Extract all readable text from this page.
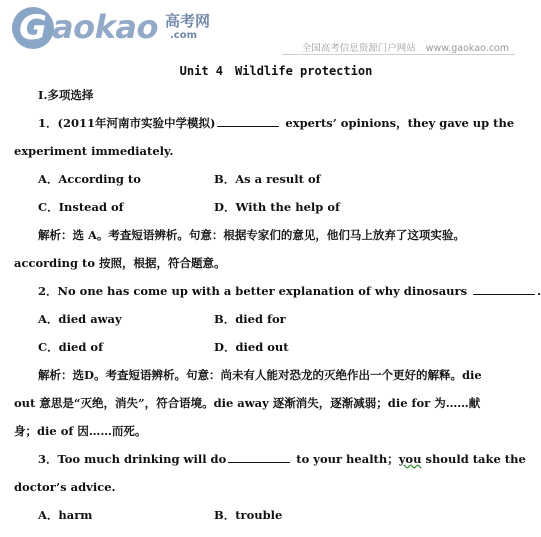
G aokao 高考网
.com
全国高考信息资源门户网站 www.gaokao.com
Unit 4 Wildlife protection
Ⅰ.多项选择
1．(2011年河南市实验中学模拟)	experts’ opinions，they gave up the
experiment immediately.
A．According to	B．As a result of
C．Instead of	D．With the help of
解析：选 A。考查短语辨析。句意：根据专家们的意见，他们马上放弃了这项实验。
according to 按照，根据，符合题意。
2．No one has come up with a better explanation of why dinosaurs	.
A．died away	B．died for
C．died of	D．died out
解析：选D。考查短语辨析。句意：尚未有人能对恐龙的灭绝作出一个更好的解释。die
out 意思是“灭绝，消失”，符合语境。die away 逐渐消失，逐渐减弱；die for 为……献
身；die of 因……而死。
3．Too much drinking will do	to your health；you should take the
doctor’s advice.
A．harm	B．trouble
